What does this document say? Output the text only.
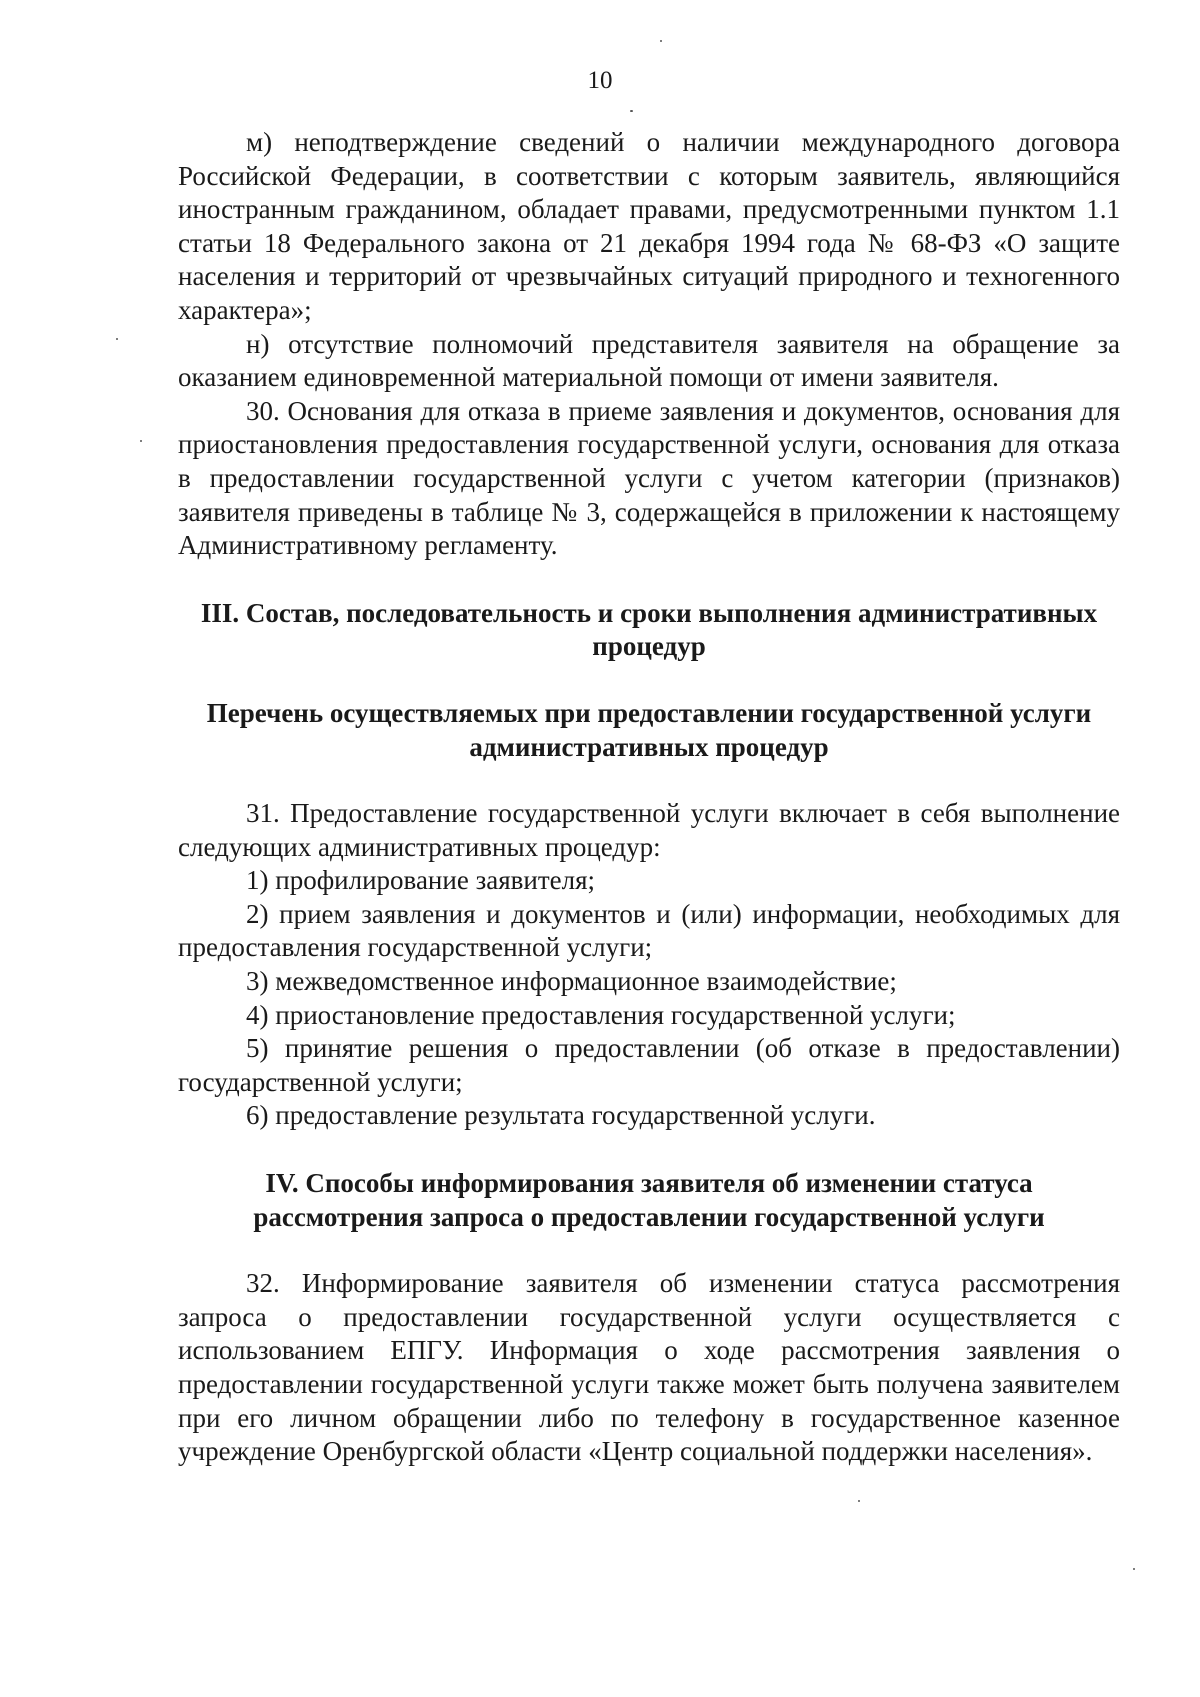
10

м) неподтверждение сведений о наличии международного договора Российской Федерации, в соответствии с которым заявитель, являющийся иностранным гражданином, обладает правами, предусмотренными пунктом 1.1 статьи 18 Федерального закона от 21 декабря 1994 года № 68-ФЗ «О защите населения и территорий от чрезвычайных ситуаций природного и техногенного характера»;

н) отсутствие полномочий представителя заявителя на обращение за оказанием единовременной материальной помощи от имени заявителя.

30. Основания для отказа в приеме заявления и документов, основания для приостановления предоставления государственной услуги, основания для отказа в предоставлении государственной услуги с учетом категории (признаков) заявителя приведены в таблице № 3, содержащейся в приложении к настоящему Административному регламенту.

III. Состав, последовательность и сроки выполнения административных процедур
Перечень осуществляемых при предоставлении государственной услуги административных процедур

31. Предоставление государственной услуги включает в себя выполнение следующих административных процедур:

1) профилирование заявителя;

2) прием заявления и документов и (или) информации, необходимых для предоставления государственной услуги;

3) межведомственное информационное взаимодействие;

4) приостановление предоставления государственной услуги;

5) принятие решения о предоставлении (об отказе в предоставлении) государственной услуги;

6) предоставление результата государственной услуги.

IV. Способы информирования заявителя об изменении статуса рассмотрения запроса о предоставлении государственной услуги

32. Информирование заявителя об изменении статуса рассмотрения запроса о предоставлении государственной услуги осуществляется с использованием ЕПГУ. Информация о ходе рассмотрения заявления о предоставлении государственной услуги также может быть получена заявителем при его личном обращении либо по телефону в государственное казенное учреждение Оренбургской области «Центр социальной поддержки населения».
